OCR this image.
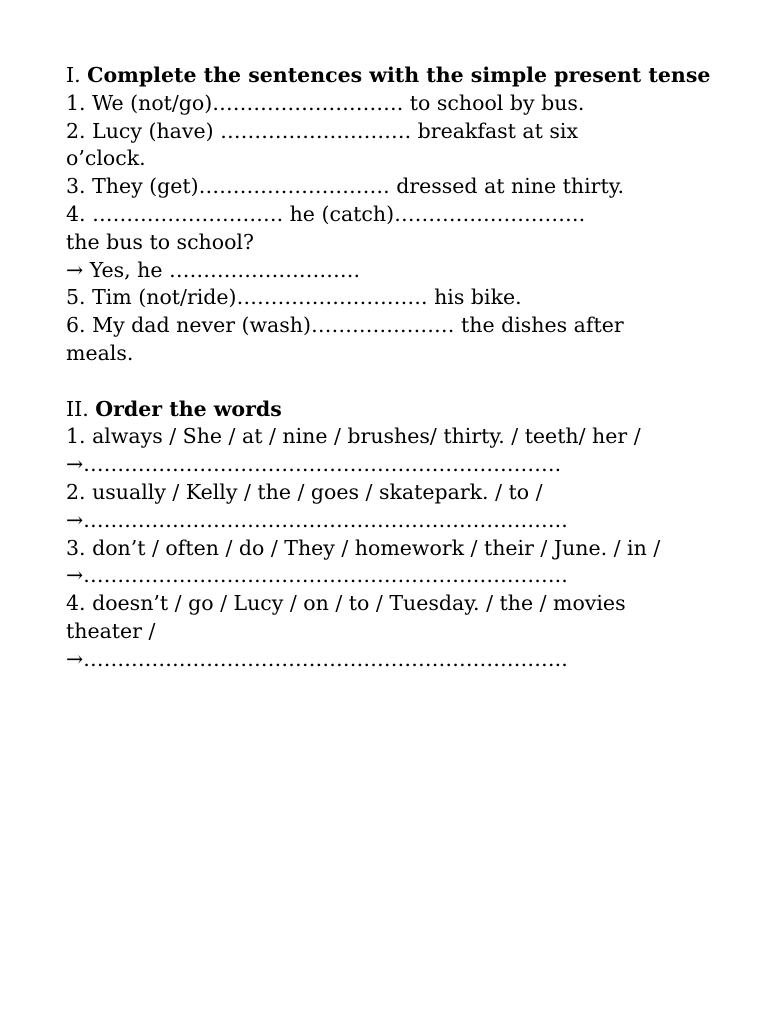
I. Complete the sentences with the simple present tense
1. We (not/go)………………………. to school by bus.
2. Lucy (have) ………………………. breakfast at six
o’clock.
3. They (get)………………………. dressed at nine thirty.
4. ………………………. he (catch)……………………….
the bus to school?
→ Yes, he ……………………….
5. Tim (not/ride)………………………. his bike.
6. My dad never (wash)………………… the dishes after
meals.
II. Order the words
1. always / She / at / nine / brushes/ thirty. / teeth/ her /
→…………………………………………………………….
2. usually / Kelly / the / goes / skatepark. / to /
→……………………………………………………………..
3. don’t / often / do / They / homework / their / June. / in /
→……………………………………………………………..
4. doesn’t / go / Lucy / on / to / Tuesday. / the / movies
theater /
→……………………………………………………………..
